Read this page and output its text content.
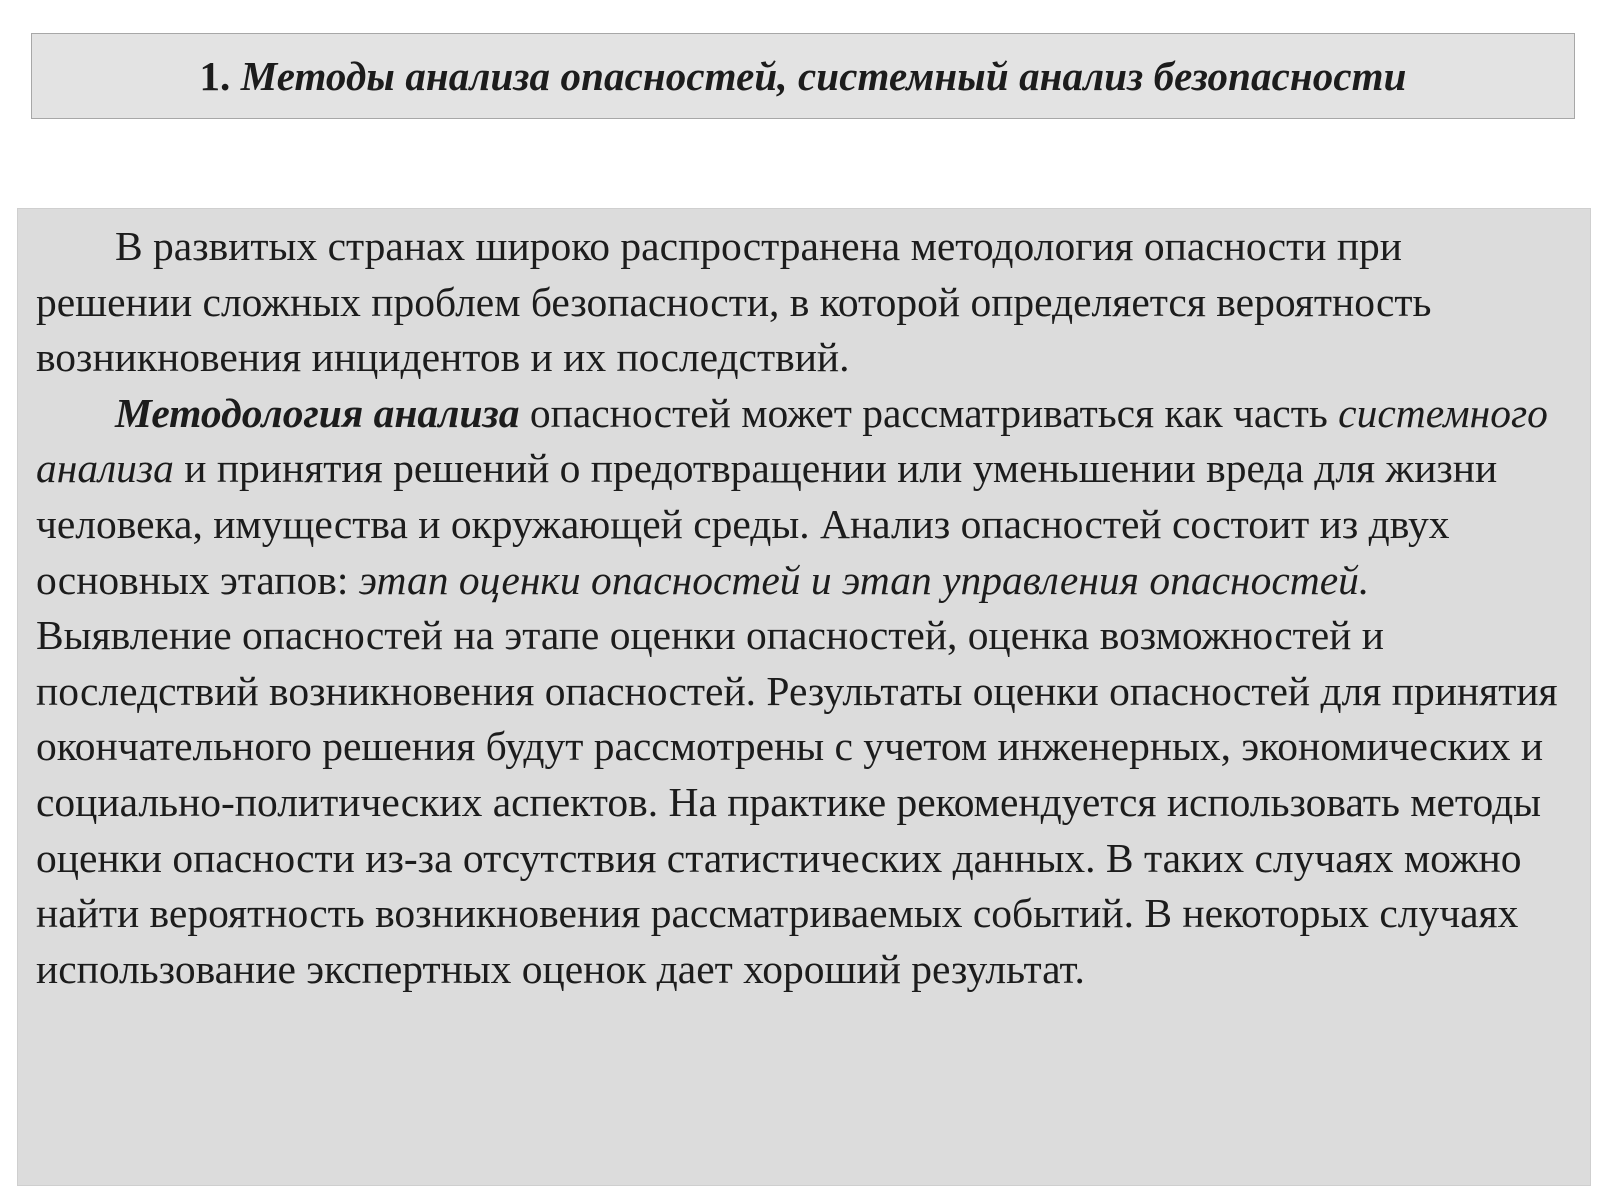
1. Методы анализа опасностей, системный анализ безопасности

В развитых странах широко распространена методология опасности при решении сложных проблем безопасности, в которой определяется вероятность возникновения инцидентов и их последствий.

Методология анализа опасностей может рассматриваться как часть системного анализа и принятия решений о предотвращении или уменьшении вреда для жизни человека, имущества и окружающей среды. Анализ опасностей состоит из двух основных этапов: этап оценки опасностей и этап управления опасностей. Выявление опасностей на этапе оценки опасностей, оценка возможностей и последствий возникновения опасностей. Результаты оценки опасностей для принятия окончательного решения будут рассмотрены с учетом инженерных, экономических и социально-политических аспектов. На практике рекомендуется использовать методы оценки опасности из-за отсутствия статистических данных. В таких случаях можно найти вероятность возникновения рассматриваемых событий. В некоторых случаях использование экспертных оценок дает хороший результат.
